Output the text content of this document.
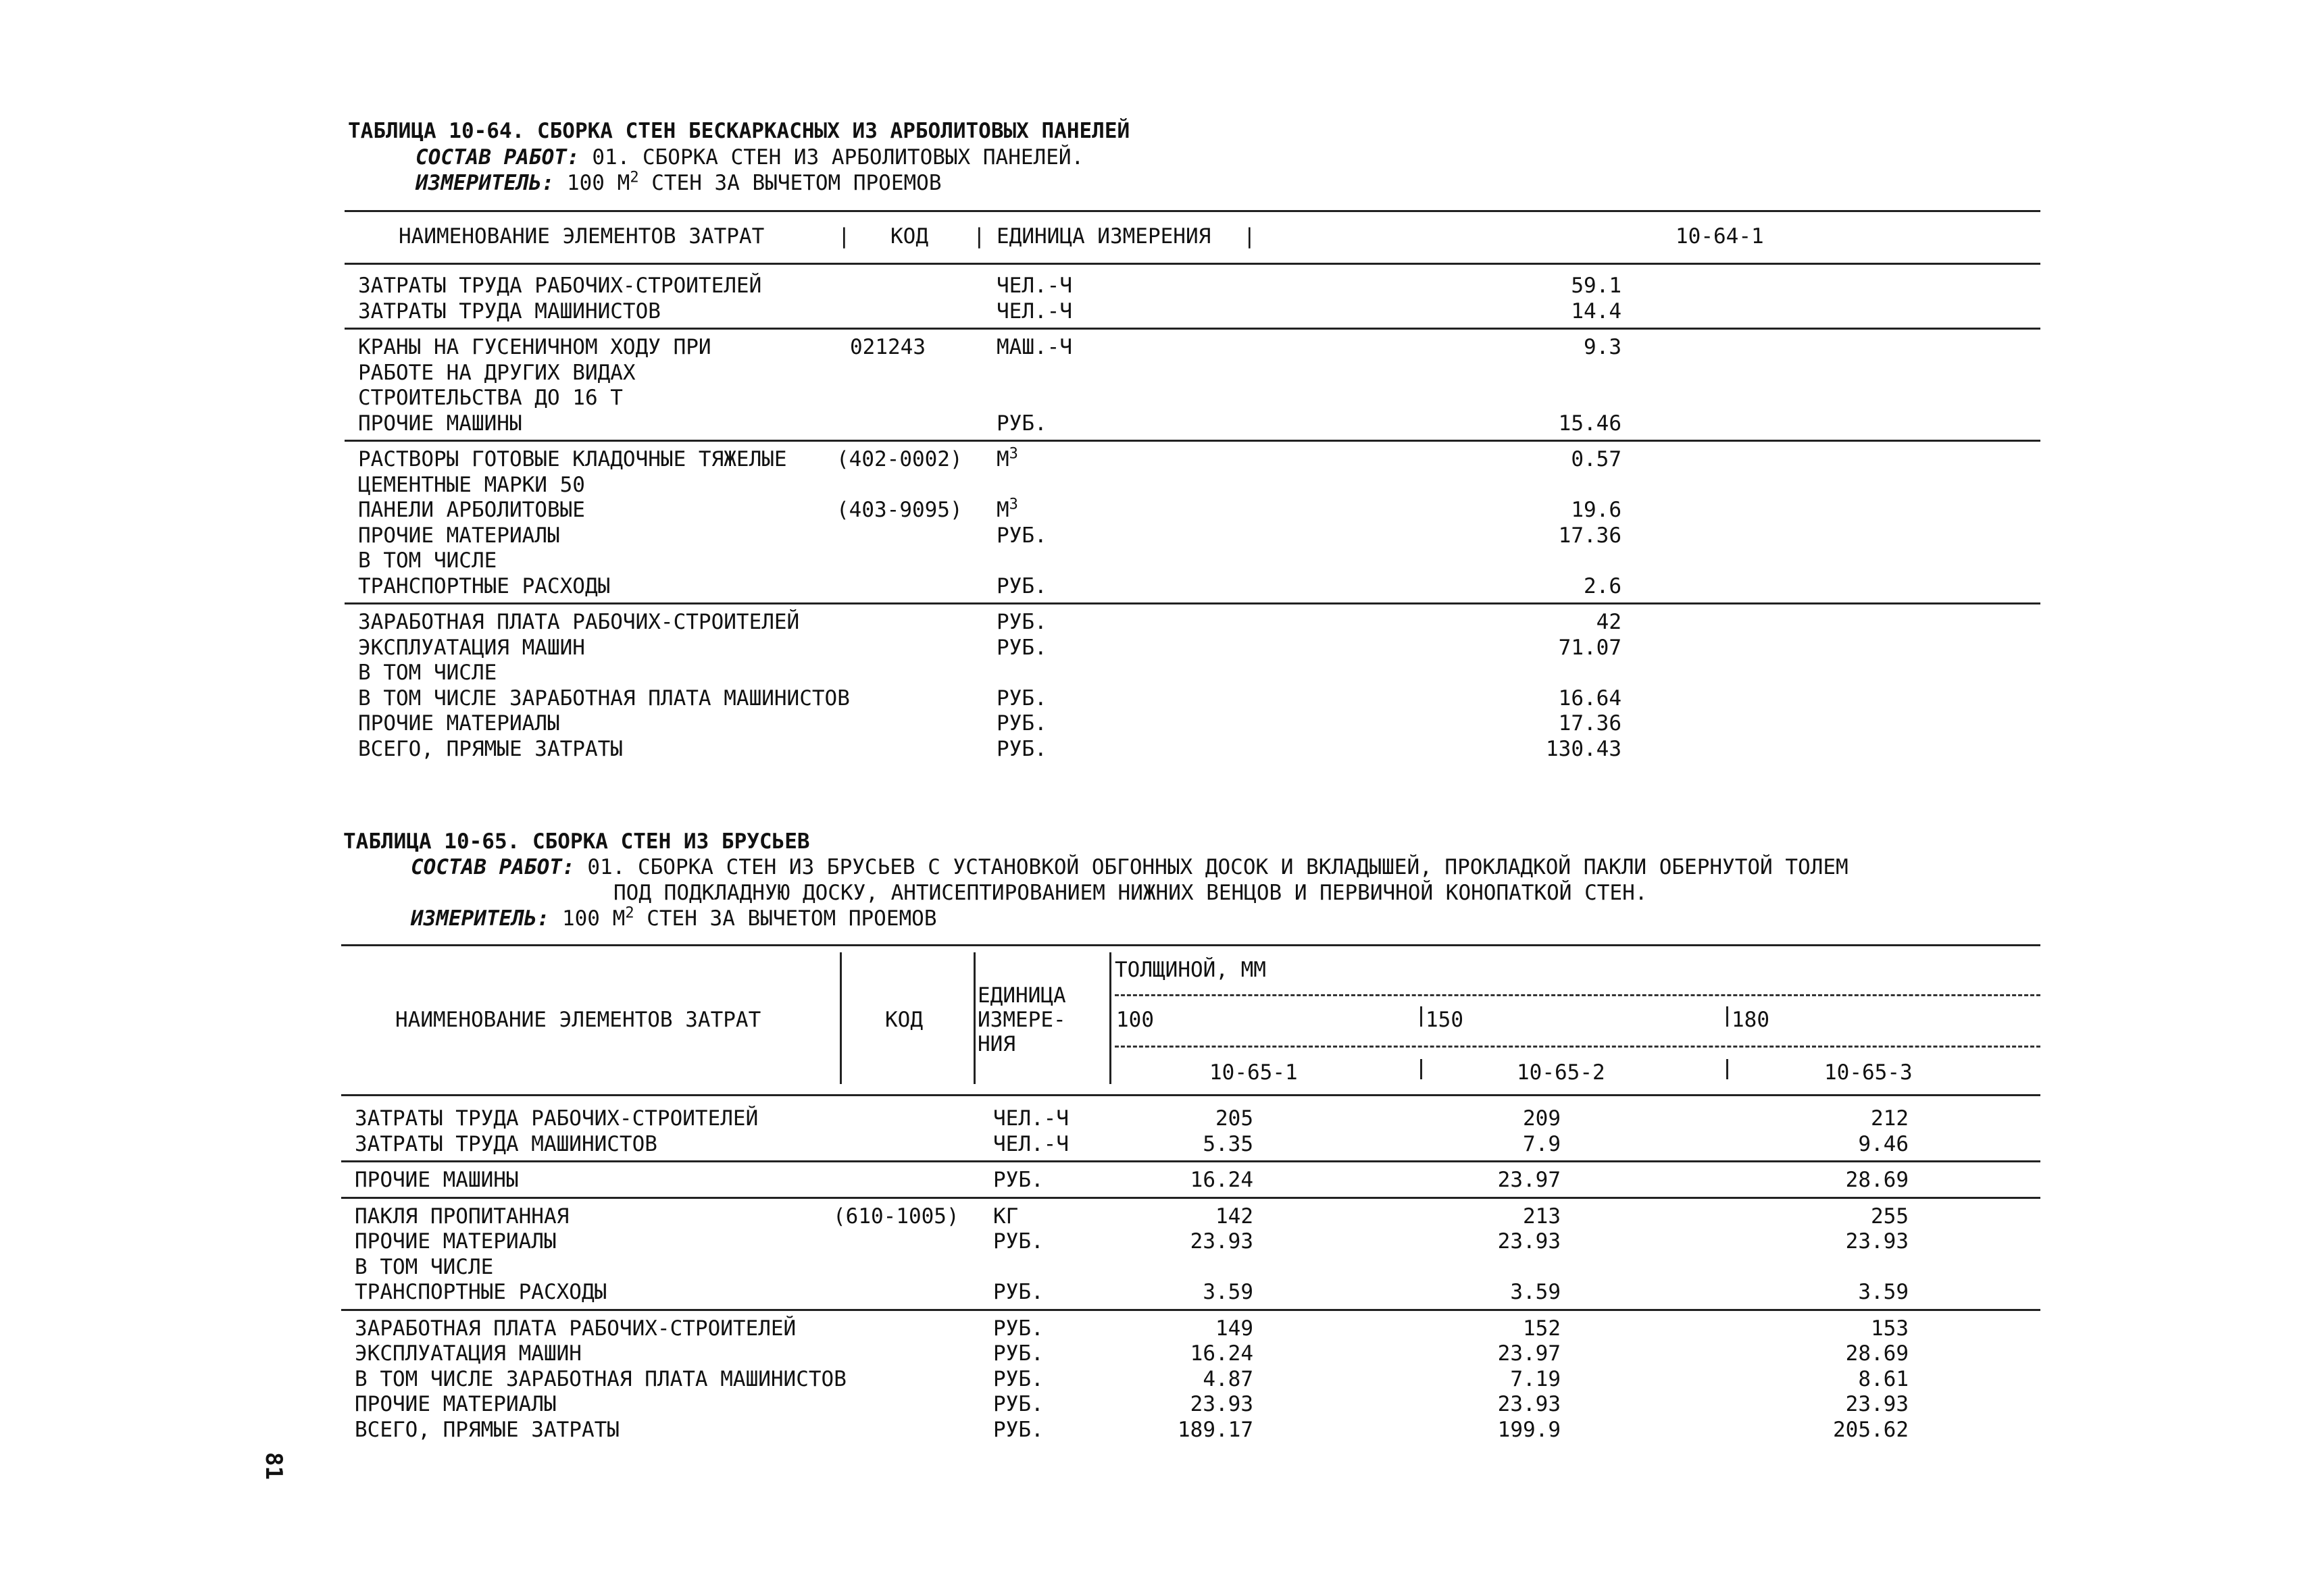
ТАБЛИЦА 10-64. СБОРКА СТЕН БЕСКАРКАСНЫХ ИЗ АРБОЛИТОВЫХ ПАНЕЛЕЙ
СОСТАВ РАБОТ: 01. СБОРКА СТЕН ИЗ АРБОЛИТОВЫХ ПАНЕЛЕЙ.
ИЗМЕРИТЕЛЬ: 100 $М^2$ СТЕН ЗА ВЫЧЕТОМ ПРОЕМОВ
НАИМЕНОВАНИЕ ЭЛЕМЕНТОВ ЗАТРАТ	| КОД | ЕДИНИЦА ИЗМЕРЕНИЯ |	10-64-1
ЗАТРАТЫ ТРУДА РАБОЧИХ-СТРОИТЕЛЕЙ	ЧЕЛ.-Ч	59.1
ЗАТРАТЫ ТРУДА МАШИНИСТОВ	ЧЕЛ.-Ч	14.4
КРАНЫ НА ГУСЕНИЧНОМ ХОДУ ПРИ	021243	МАШ.-Ч	9.3
РАБОТЕ НА ДРУГИХ ВИДАХ
СТРОИТЕЛЬСТВА ДО 16 Т
ПРОЧИЕ МАШИНЫ	РУБ.	15.46
РАСТВОРЫ ГОТОВЫЕ КЛАДОЧНЫЕ ТЯЖЕЛЫЕ (402-0002) $М^3$	0.57
ЦЕМЕНТНЫЕ МАРКИ 50
ПАНЕЛИ АРБОЛИТОВЫЕ	(403-9095) $М^3$	19.6
ПРОЧИЕ МАТЕРИАЛЫ	РУБ.	17.36
В ТОМ ЧИСЛЕ
ТРАНСПОРТНЫЕ РАСХОДЫ	РУБ.	2.6
ЗАРАБОТНАЯ ПЛАТА РАБОЧИХ-СТРОИТЕЛЕЙ	РУБ.	42
ЭКСПЛУАТАЦИЯ МАШИН	РУБ.	71.07
В ТОМ ЧИСЛЕ
В ТОМ ЧИСЛЕ ЗАРАБОТНАЯ ПЛАТА МАШИНИСТОВ	РУБ.	16.64
ПРОЧИЕ МАТЕРИАЛЫ	РУБ.	17.36
ВСЕГО, ПРЯМЫЕ ЗАТРАТЫ	РУБ.	130.43
ТАБЛИЦА 10-65. СБОРКА СТЕН ИЗ БРУСЬЕВ
СОСТАВ РАБОТ: 01. СБОРКА СТЕН ИЗ БРУСЬЕВ С УСТАНОВКОЙ ОБГОННЫХ ДОСОК И ВКЛАДЫШЕЙ, ПРОКЛАДКОЙ ПАКЛИ ОБЕРНУТОЙ ТОЛЕМ
ПОД ПОДКЛАДНУЮ ДОСКУ, АНТИСЕПТИРОВАНИЕМ НИЖНИХ ВЕНЦОВ И ПЕРВИЧНОЙ КОНОПАТКОЙ СТЕН.
ИЗМЕРИТЕЛЬ: 100 $М^2$ СТЕН ЗА ВЫЧЕТОМ ПРОЕМОВ
ТОЛЩИНОЙ, ММ
ЕДИНИЦА
ИЗМЕРЕ-
НИЯ
НАИМЕНОВАНИЕ ЭЛЕМЕНТОВ ЗАТРАТ	КОД	100	150	180
10-65-1	10-65-2	10-65-3
ЗАТРАТЫ ТРУДА РАБОЧИХ-СТРОИТЕЛЕЙ	ЧЕЛ.-Ч	205	209	212
ЗАТРАТЫ ТРУДА МАШИНИСТОВ	ЧЕЛ.-Ч	5.35	7.9	9.46
ПРОЧИЕ МАШИНЫ	РУБ.	16.24	23.97	28.69
ПАКЛЯ ПРОПИТАННАЯ	(610-1005) КГ	142	213	255
ПРОЧИЕ МАТЕРИАЛЫ	РУБ.	23.93	23.93	23.93
В ТОМ ЧИСЛЕ
ТРАНСПОРТНЫЕ РАСХОДЫ	РУБ.	3.59	3.59	3.59
ЗАРАБОТНАЯ ПЛАТА РАБОЧИХ-СТРОИТЕЛЕЙ	РУБ.	149	152	153
ЭКСПЛУАТАЦИЯ МАШИН	РУБ.	16.24	23.97	28.69
В ТОМ ЧИСЛЕ ЗАРАБОТНАЯ ПЛАТА МАШИНИСТОВ	РУБ.	4.87	7.19	8.61
ПРОЧИЕ МАТЕРИАЛЫ	РУБ.	23.93	23.93	23.93
ВСЕГО, ПРЯМЫЕ ЗАТРАТЫ	РУБ.	189.17	199.9	205.62
81
